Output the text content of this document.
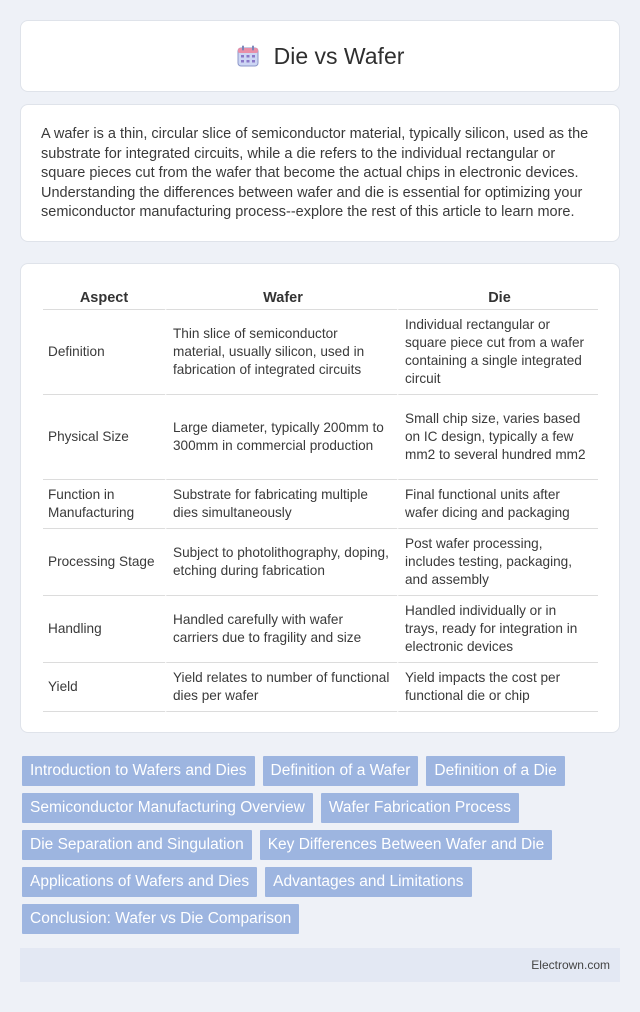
Die vs Wafer

A wafer is a thin, circular slice of semiconductor material, typically silicon, used as the substrate for integrated circuits, while a die refers to the individual rectangular or square pieces cut from the wafer that become the actual chips in electronic devices. Understanding the differences between wafer and die is essential for optimizing your semiconductor manufacturing process--explore the rest of this article to learn more.

Aspect	Wafer	Die
Definition	Thin slice of semiconductor material, usually silicon, used in fabrication of integrated circuits	Individual rectangular or square piece cut from a wafer containing a single integrated circuit
Physical Size	Large diameter, typically 200mm to 300mm in commercial production	Small chip size, varies based on IC design, typically a few mm2 to several hundred mm2
Function in Manufacturing	Substrate for fabricating multiple dies simultaneously	Final functional units after wafer dicing and packaging
Processing Stage	Subject to photolithography, doping, etching during fabrication	Post wafer processing, includes testing, packaging, and assembly
Handling	Handled carefully with wafer carriers due to fragility and size	Handled individually or in trays, ready for integration in electronic devices
Yield	Yield relates to number of functional dies per wafer	Yield impacts the cost per functional die or chip
Introduction to Wafers and Dies	Definition of a Wafer	Definition of a Die
Semiconductor Manufacturing Overview	Wafer Fabrication Process
Die Separation and Singulation	Key Differences Between Wafer and Die
Applications of Wafers and Dies	Advantages and Limitations
Conclusion: Wafer vs Die Comparison
Electrown.com
